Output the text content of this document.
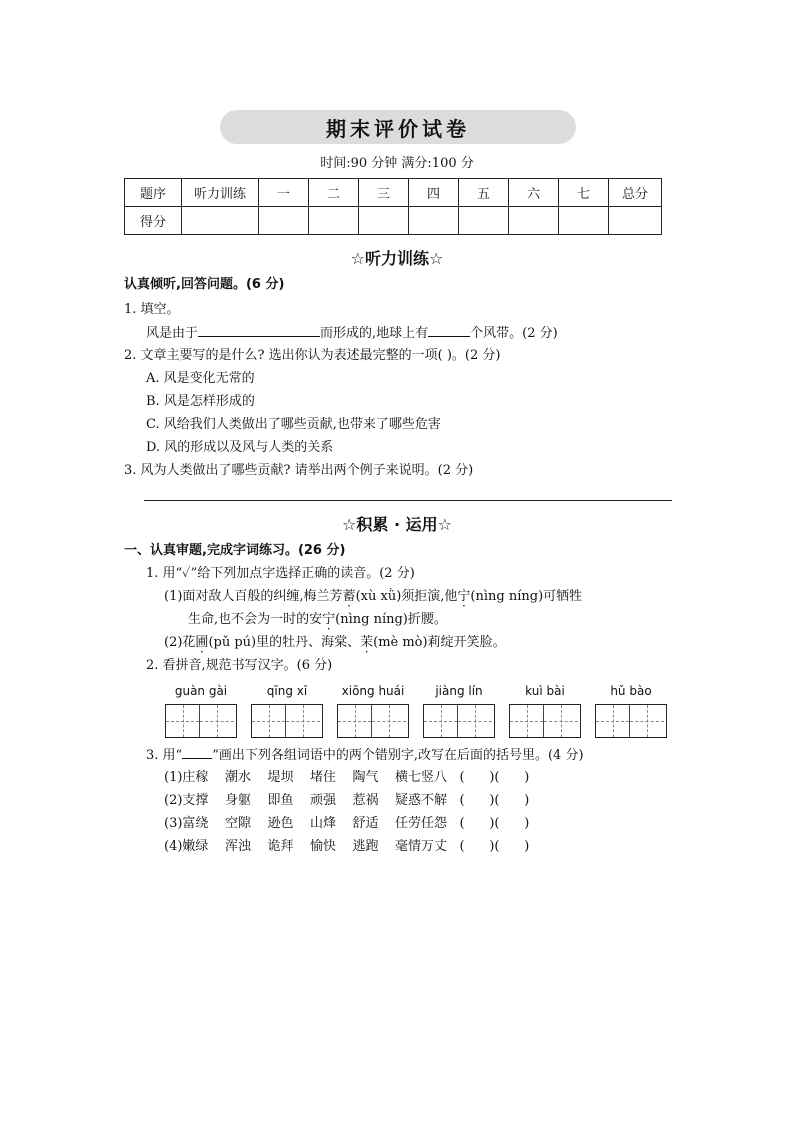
期末评价试卷
时间:90 分钟 满分:100 分
题序	听力训练	一	二	三	四	五	六	七	总分
得分									
☆听力训练☆
认真倾听,回答问题。(6 分)
1. 填空。
风是由于	而形成的,地球上有	个风带。(2 分)
2. 文章主要写的是什么? 选出你认为表述最完整的一项( )。(2 分)
A. 风是变化无常的
B. 风是怎样形成的
C. 风给我们人类做出了哪些贡献,也带来了哪些危害
D. 风的形成以及风与人类的关系
3. 风为人类做出了哪些贡献? 请举出两个例子来说明。(2 分)
☆积累 · 运用☆
一、认真审题,完成字词练习。(26 分)
1. 用“✓”给下列加点字选择正确的读音。(2 分)
(1)面对敌人百般的纠缠,梅兰芳蓄(xù xǜ)须拒演,他宁(nìng níng)可牺牲
生命,也不会为一时的安宁(nìng níng)折腰。
(2)花圃(pǔ pú)里的牡丹、海棠、茉(mè mò)莉绽开笑脸。
2. 看拼音,规范书写汉字。(6 分)
guàn gài	qīng xī	xiōng huái	jiàng lín	kuì bài	hǔ bào
3. 用“ ”画出下列各组词语中的两个错别字,改写在后面的括号里。(4 分)
(1)庄稼    潮水    堤坝    堵住    陶气    横七竖八   (      )(      )
(2)支撑    身躯    即鱼    顽强    惹祸    疑惑不解   (      )(      )
(3)富绕    空隙    逊色    山烽    舒适    任劳任怨   (      )(      )
(4)嫩绿    浑浊    诡拜    愉快    逃跑    毫情万丈   (      )(      )
